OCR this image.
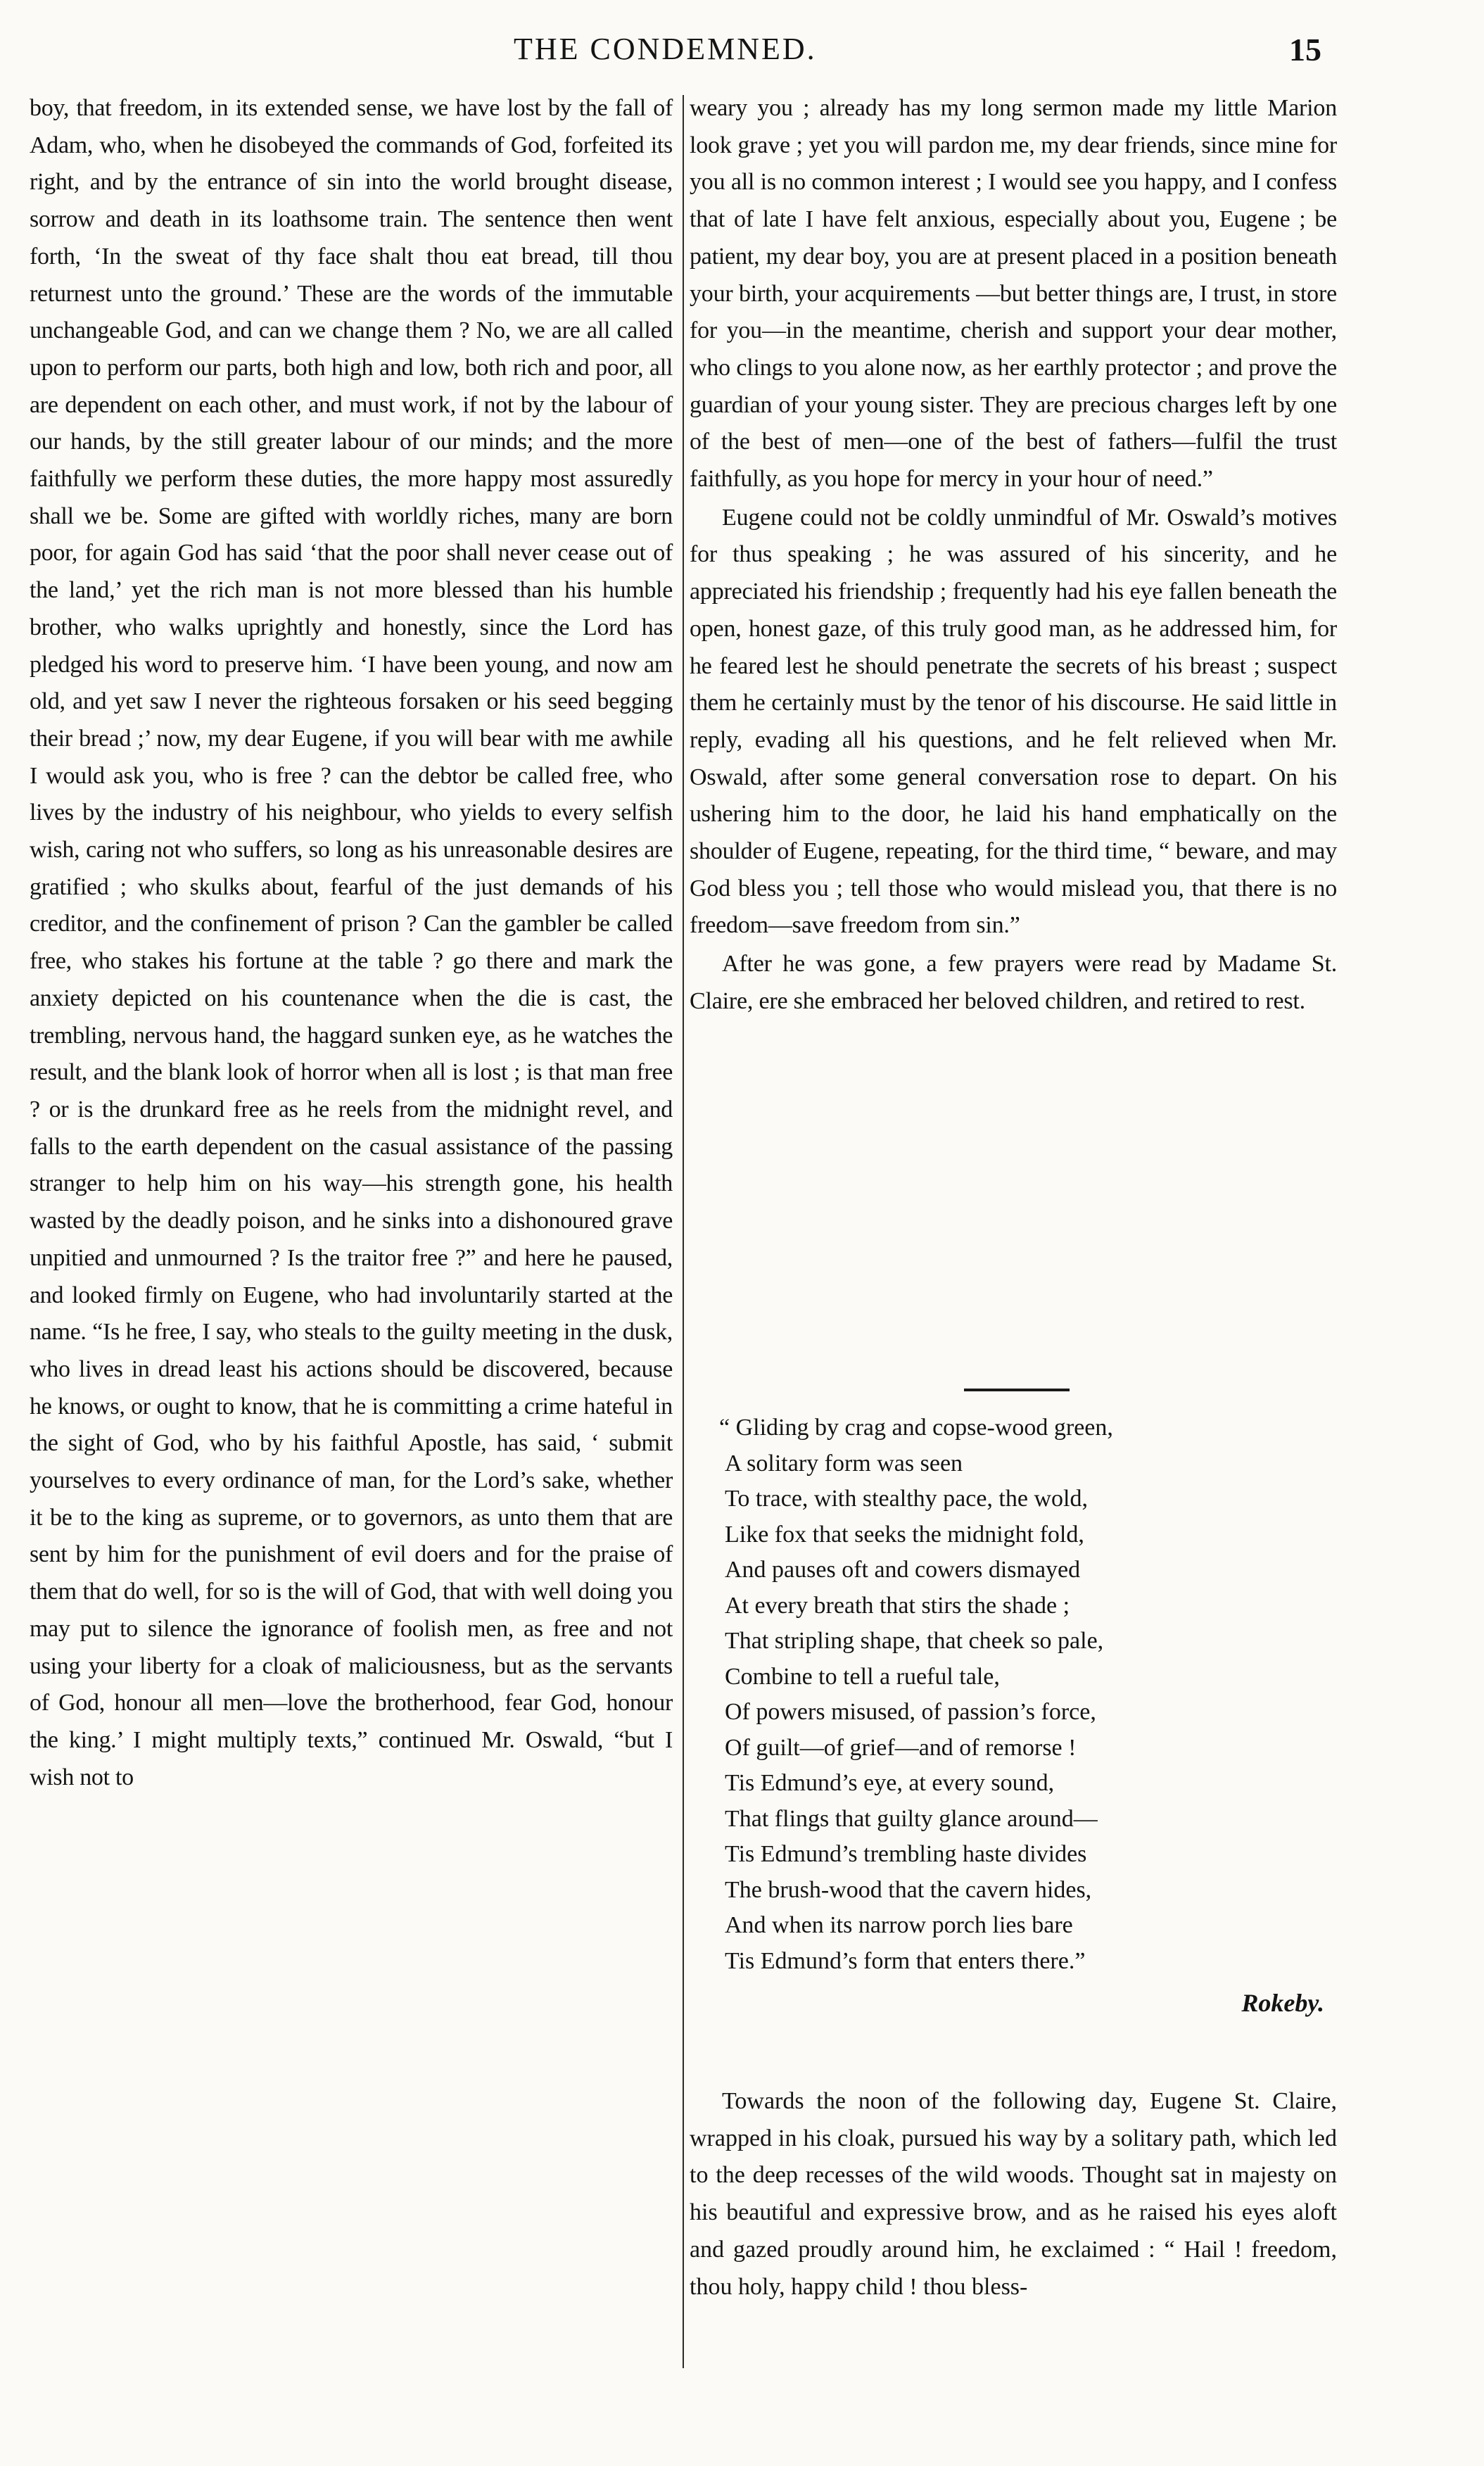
THE CONDEMNED.	15

boy, that freedom, in its extended sense, we have lost by the fall of Adam, who, when he disobeyed the commands of God, forfeited its right, and by the entrance of sin into the world brought disease, sorrow and death in its loathsome train. The sentence then went forth, ‘In the sweat of thy face shalt thou eat bread, till thou returnest unto the ground.’ These are the words of the immutable unchangeable God, and can we change them ? No, we are all called upon to perform our parts, both high and low, both rich and poor, all are dependent on each other, and must work, if not by the labour of our hands, by the still greater labour of our minds; and the more faithfully we perform these duties, the more happy most assuredly shall we be. Some are gifted with worldly riches, many are born poor, for again God has said ‘that the poor shall never cease out of the land,’ yet the rich man is not more blessed than his humble brother, who walks uprightly and honestly, since the Lord has pledged his word to preserve him. ‘I have been young, and now am old, and yet saw I never the righteous forsaken or his seed begging their bread ;’ now, my dear Eugene, if you will bear with me awhile I would ask you, who is free ? can the debtor be called free, who lives by the industry of his neighbour, who yields to every selfish wish, caring not who suffers, so long as his unreasonable desires are gratified ; who skulks about, fearful of the just demands of his creditor, and the confinement of prison ? Can the gambler be called free, who stakes his fortune at the table ? go there and mark the anxiety depicted on his countenance when the die is cast, the trembling, nervous hand, the haggard sunken eye, as he watches the result, and the blank look of horror when all is lost ; is that man free ? or is the drunkard free as he reels from the midnight revel, and falls to the earth dependent on the casual assistance of the passing stranger to help him on his way—his strength gone, his health wasted by the deadly poison, and he sinks into a dishonoured grave unpitied and unmourned ? Is the traitor free ?” and here he paused, and looked firmly on Eugene, who had involuntarily started at the name. “Is he free, I say, who steals to the guilty meeting in the dusk, who lives in dread least his actions should be discovered, because he knows, or ought to know, that he is committing a crime hateful in the sight of God, who by his faithful Apostle, has said, ‘ submit yourselves to every ordinance of man, for the Lord’s sake, whether it be to the king as supreme, or to governors, as unto them that are sent by him for the punishment of evil doers and for the praise of them that do well, for so is the will of God, that with well doing you may put to silence the ignorance of foolish men, as free and not using your liberty for a cloak of maliciousness, but as the servants of God, honour all men—love the brotherhood, fear God, honour the king.’ I might multiply texts,” continued Mr. Oswald, “but I wish not to

weary you ; already has my long sermon made my little Marion look grave ; yet you will pardon me, my dear friends, since mine for you all is no common interest ; I would see you happy, and I confess that of late I have felt anxious, especially about you, Eugene ; be patient, my dear boy, you are at present placed in a position beneath your birth, your acquirements —but better things are, I trust, in store for you—in the meantime, cherish and support your dear mother, who clings to you alone now, as her earthly protector ; and prove the guardian of your young sister. They are precious charges left by one of the best of men—one of the best of fathers—fulfil the trust faithfully, as you hope for mercy in your hour of need.”

Eugene could not be coldly unmindful of Mr. Oswald’s motives for thus speaking ; he was assured of his sincerity, and he appreciated his friendship ; frequently had his eye fallen beneath the open, honest gaze, of this truly good man, as he addressed him, for he feared lest he should penetrate the secrets of his breast ; suspect them he certainly must by the tenor of his discourse. He said little in reply, evading all his questions, and he felt relieved when Mr. Oswald, after some general conversation rose to depart. On his ushering him to the door, he laid his hand emphatically on the shoulder of Eugene, repeating, for the third time, “ beware, and may God bless you ; tell those who would mislead you, that there is no freedom—save freedom from sin.”

After he was gone, a few prayers were read by Madame St. Claire, ere she embraced her beloved children, and retired to rest.

“ Gliding by crag and copse-wood green,

A solitary form was seen

To trace, with stealthy pace, the wold,

Like fox that seeks the midnight fold,

And pauses oft and cowers dismayed

At every breath that stirs the shade ;

That stripling shape, that cheek so pale,

Combine to tell a rueful tale,

Of powers misused, of passion’s force,

Of guilt—of grief—and of remorse !

Tis Edmund’s eye, at every sound,

That flings that guilty glance around—

Tis Edmund’s trembling haste divides

The brush-wood that the cavern hides,

And when its narrow porch lies bare

Tis Edmund’s form that enters there.”

Rokeby.

Towards the noon of the following day, Eugene St. Claire, wrapped in his cloak, pursued his way by a solitary path, which led to the deep recesses of the wild woods. Thought sat in majesty on his beautiful and expressive brow, and as he raised his eyes aloft and gazed proudly around him, he exclaimed : “ Hail ! freedom, thou holy, happy child ! thou bless-
